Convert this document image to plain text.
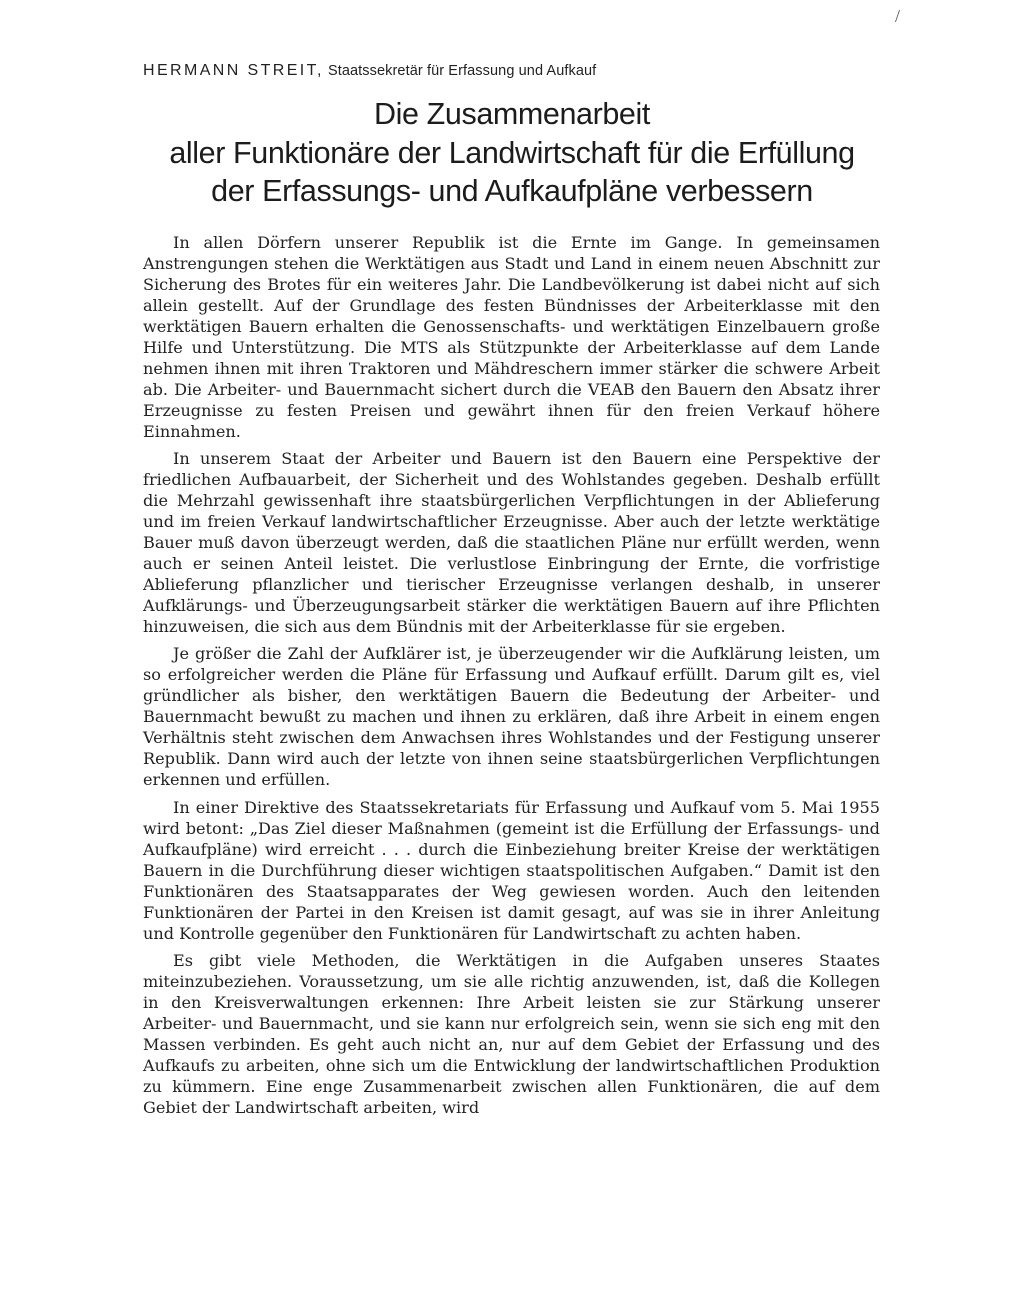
/
HERMANN STREIT, Staatssekretär für Erfassung und Aufkauf
Die Zusammenarbeit
aller Funktionäre der Landwirtschaft für die Erfüllung
der Erfassungs- und Aufkaufpläne verbessern

In allen Dörfern unserer Republik ist die Ernte im Gange. In gemeinsamen Anstrengungen stehen die Werktätigen aus Stadt und Land in einem neuen Abschnitt zur Sicherung des Brotes für ein weiteres Jahr. Die Landbevölkerung ist dabei nicht auf sich allein gestellt. Auf der Grundlage des festen Bündnisses der Arbeiterklasse mit den werktätigen Bauern erhalten die Genossenschafts- und werktätigen Einzelbauern große Hilfe und Unterstützung. Die MTS als Stützpunkte der Arbeiterklasse auf dem Lande nehmen ihnen mit ihren Traktoren und Mähdreschern immer stärker die schwere Arbeit ab. Die Arbeiter- und Bauernmacht sichert durch die VEAB den Bauern den Absatz ihrer Erzeugnisse zu festen Preisen und gewährt ihnen für den freien Verkauf höhere Einnahmen.

In unserem Staat der Arbeiter und Bauern ist den Bauern eine Perspektive der friedlichen Aufbauarbeit, der Sicherheit und des Wohlstandes gegeben. Deshalb erfüllt die Mehrzahl gewissenhaft ihre staatsbürgerlichen Verpflichtungen in der Ablieferung und im freien Verkauf landwirtschaftlicher Erzeugnisse. Aber auch der letzte werktätige Bauer muß davon überzeugt werden, daß die staatlichen Pläne nur erfüllt werden, wenn auch er seinen Anteil leistet. Die verlustlose Einbringung der Ernte, die vorfristige Ablieferung pflanzlicher und tierischer Erzeugnisse verlangen deshalb, in unserer Aufklärungs- und Überzeugungsarbeit stärker die werktätigen Bauern auf ihre Pflichten hinzuweisen, die sich aus dem Bündnis mit der Arbeiterklasse für sie ergeben.

Je größer die Zahl der Aufklärer ist, je überzeugender wir die Aufklärung leisten, um so erfolgreicher werden die Pläne für Erfassung und Aufkauf erfüllt. Darum gilt es, viel gründlicher als bisher, den werktätigen Bauern die Bedeutung der Arbeiter- und Bauernmacht bewußt zu machen und ihnen zu erklären, daß ihre Arbeit in einem engen Verhältnis steht zwischen dem Anwachsen ihres Wohlstandes und der Festigung unserer Republik. Dann wird auch der letzte von ihnen seine staatsbürgerlichen Verpflichtungen erkennen und erfüllen.

In einer Direktive des Staatssekretariats für Erfassung und Aufkauf vom 5. Mai 1955 wird betont: „Das Ziel dieser Maßnahmen (gemeint ist die Erfüllung der Erfassungs- und Aufkaufpläne) wird erreicht . . . durch die Einbeziehung breiter Kreise der werktätigen Bauern in die Durchführung dieser wichtigen staatspolitischen Aufgaben.“ Damit ist den Funktionären des Staatsapparates der Weg gewiesen worden. Auch den leitenden Funktionären der Partei in den Kreisen ist damit gesagt, auf was sie in ihrer Anleitung und Kontrolle gegenüber den Funktionären für Landwirtschaft zu achten haben.

Es gibt viele Methoden, die Werktätigen in die Aufgaben unseres Staates miteinzubeziehen. Voraussetzung, um sie alle richtig anzuwenden, ist, daß die Kollegen in den Kreisverwaltungen erkennen: Ihre Arbeit leisten sie zur Stärkung unserer Arbeiter- und Bauernmacht, und sie kann nur erfolgreich sein, wenn sie sich eng mit den Massen verbinden. Es geht auch nicht an, nur auf dem Gebiet der Erfassung und des Aufkaufs zu arbeiten, ohne sich um die Entwicklung der landwirtschaftlichen Produktion zu kümmern. Eine enge Zusammenarbeit zwischen allen Funktionären, die auf dem Gebiet der Landwirtschaft arbeiten, wird
